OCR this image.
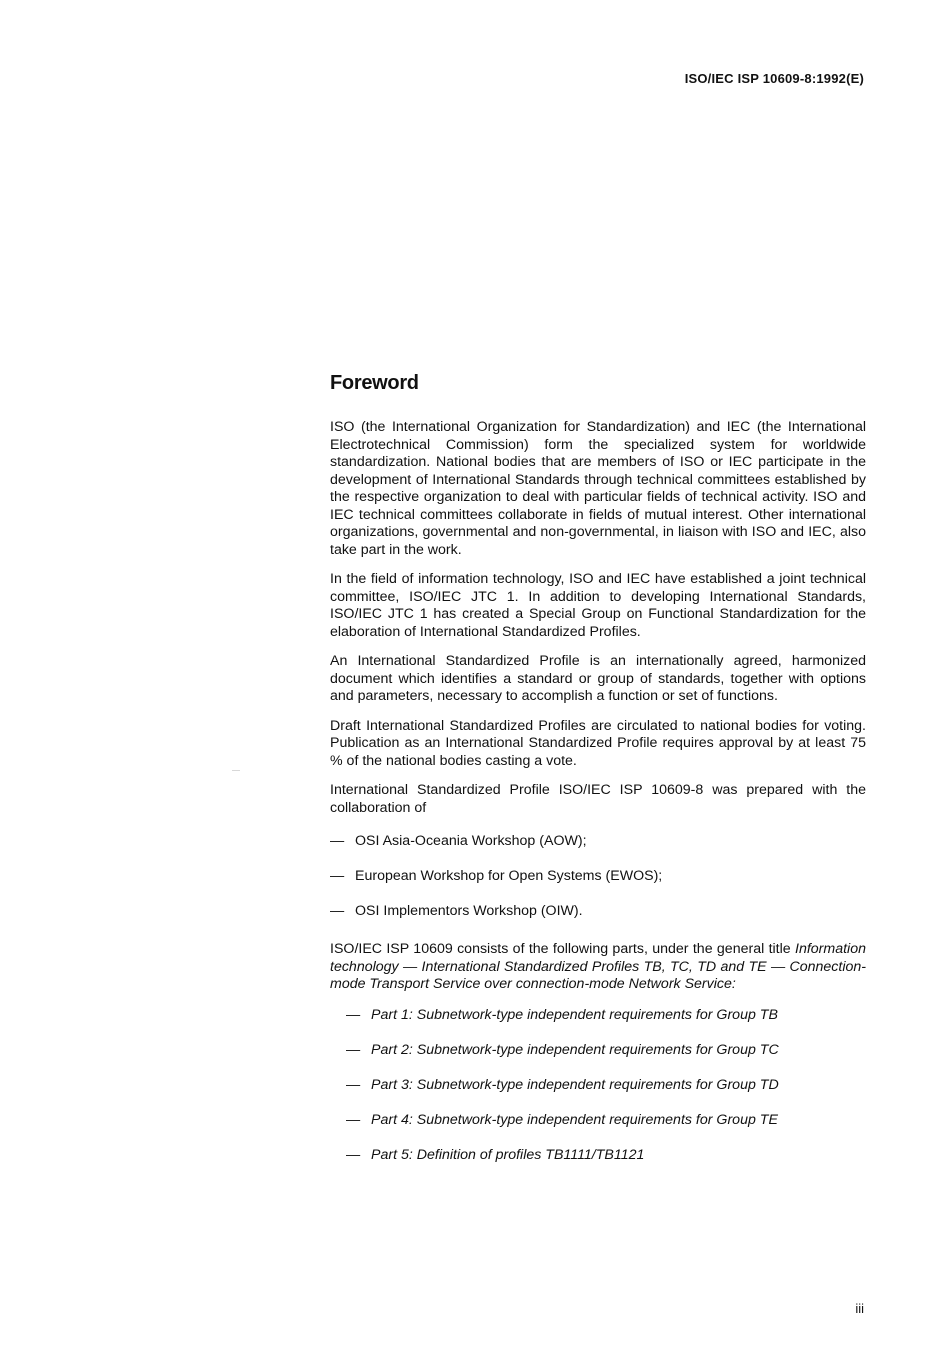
ISO/IEC ISP 10609-8:1992(E)
Foreword

ISO (the International Organization for Standardization) and IEC (the International Electrotechnical Commission) form the specialized system for worldwide standardization. National bodies that are members of ISO or IEC participate in the development of International Standards through technical committees established by the respective organization to deal with particular fields of technical activity. ISO and IEC technical committees collaborate in fields of mutual interest. Other international organizations, governmental and non-governmental, in liaison with ISO and IEC, also take part in the work.

In the field of information technology, ISO and IEC have established a joint technical committee, ISO/IEC JTC 1. In addition to developing International Standards, ISO/IEC JTC 1 has created a Special Group on Functional Standardization for the elaboration of International Standardized Profiles.

An International Standardized Profile is an internationally agreed, harmonized document which identifies a standard or group of standards, together with options and parameters, necessary to accomplish a function or set of functions.

Draft International Standardized Profiles are circulated to national bodies for voting. Publication as an International Standardized Profile requires approval by at least 75 % of the national bodies casting a vote.

International Standardized Profile ISO/IEC ISP 10609-8 was prepared with the collaboration of

— OSI Asia-Oceania Workshop (AOW);
— European Workshop for Open Systems (EWOS);
— OSI Implementors Workshop (OIW).

ISO/IEC ISP 10609 consists of the following parts, under the general title Information technology — International Standardized Profiles TB, TC, TD and TE — Connection-mode Transport Service over connection-mode Network Service:

— Part 1: Subnetwork-type independent requirements for Group TB
— Part 2: Subnetwork-type independent requirements for Group TC
— Part 3: Subnetwork-type independent requirements for Group TD
— Part 4: Subnetwork-type independent requirements for Group TE
— Part 5: Definition of profiles TB1111/TB1121
iii
